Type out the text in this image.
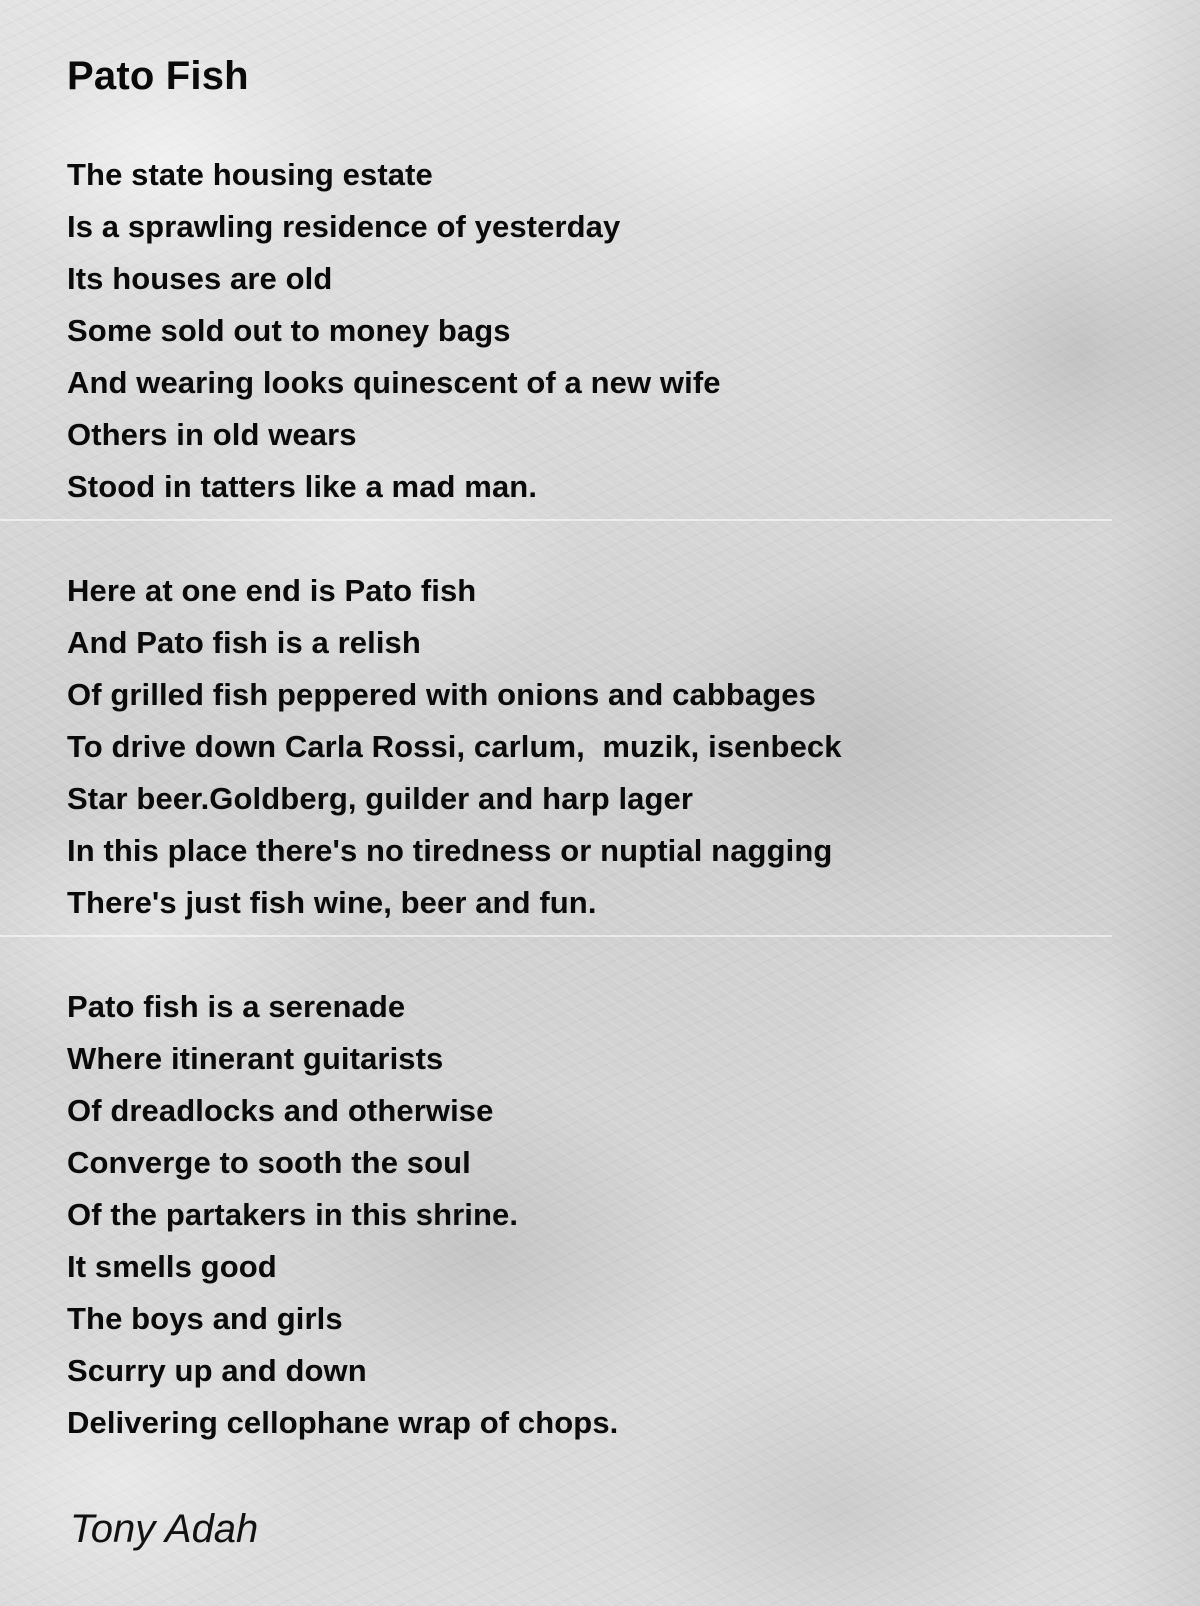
Pato Fish
The state housing estate
Is a sprawling residence of yesterday
Its houses are old
Some sold out to money bags
And wearing looks quinescent of a new wife
Others in old wears
Stood in tatters like a mad man.
Here at one end is Pato fish
And Pato fish is a relish
Of grilled fish peppered with onions and cabbages
To drive down Carla Rossi, carlum,  muzik, isenbeck
Star beer.Goldberg, guilder and harp lager
In this place there's no tiredness or nuptial nagging
There's just fish wine, beer and fun.
Pato fish is a serenade
Where itinerant guitarists
Of dreadlocks and otherwise
Converge to sooth the soul
Of the partakers in this shrine.
It smells good
The boys and girls
Scurry up and down
Delivering cellophane wrap of chops.

Tony Adah
